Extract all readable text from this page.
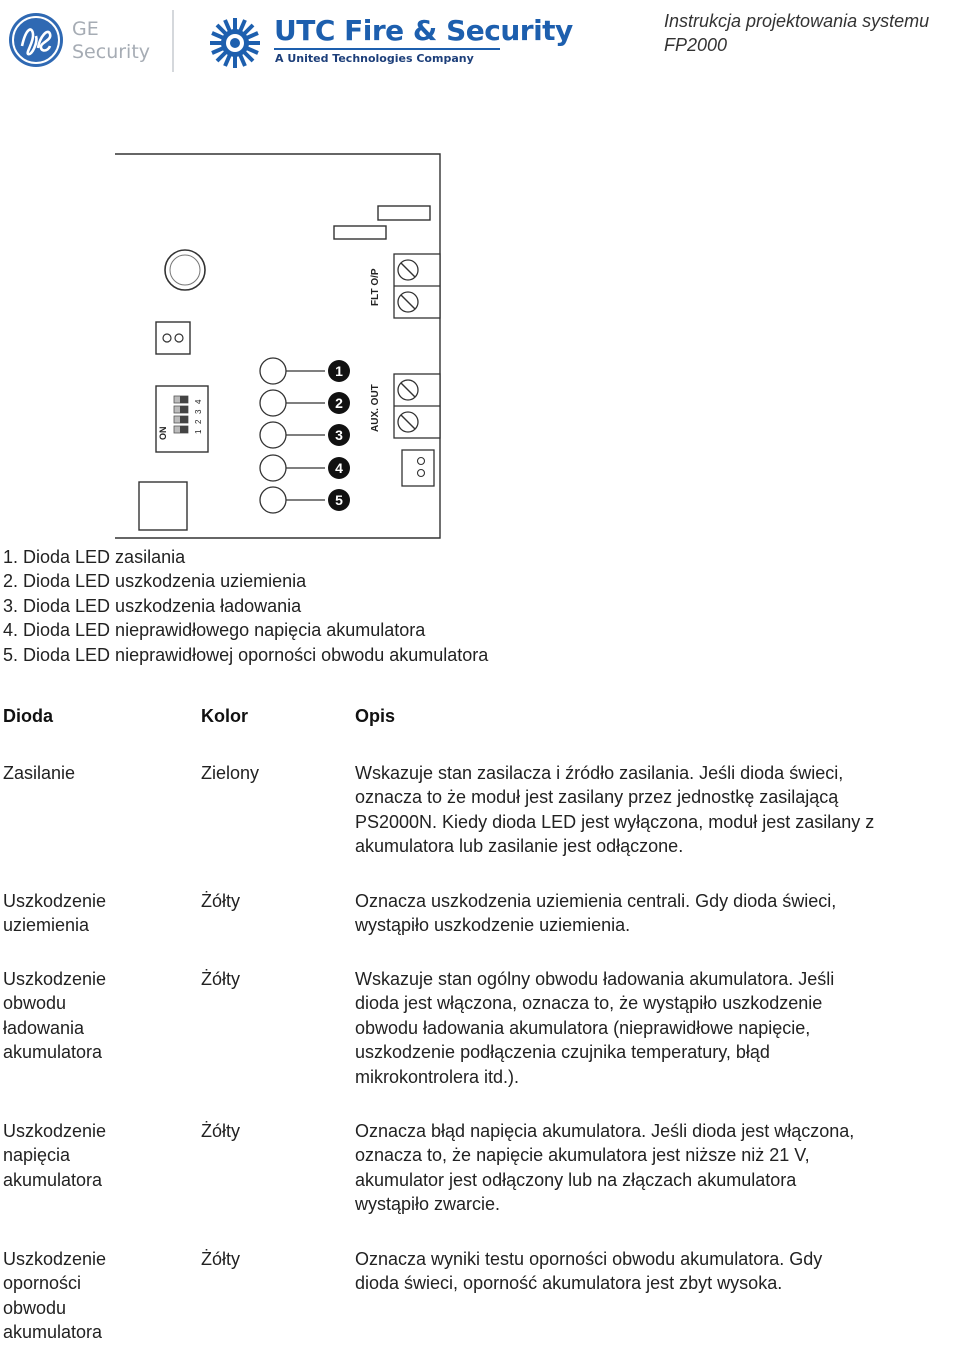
GE
Security
UTC Fire & Security
A United Technologies Company
Instrukcja projektowania systemu
FP2000
ON	1
2
3
4
1
2
3
4
5
FLT O/P
AUX. OUT
1. Dioda LED zasilania
2. Dioda LED uszkodzenia uziemienia
3. Dioda LED uszkodzenia ładowania
4. Dioda LED nieprawidłowego napięcia akumulatora
5. Dioda LED nieprawidłowej oporności obwodu akumulatora
Dioda	Kolor	Opis
Zasilanie	Zielony	Wskazuje stan zasilacza i źródło zasilania. Jeśli dioda świeci,
oznacza to że moduł jest zasilany przez jednostkę zasilającą
PS2000N. Kiedy dioda LED jest wyłączona, moduł jest zasilany z
akumulatora lub zasilanie jest odłączone.
Uszkodzenie
uziemienia
Żółty	Oznacza uszkodzenia uziemienia centrali. Gdy dioda świeci,
wystąpiło uszkodzenie uziemienia.
Uszkodzenie
obwodu
ładowania
akumulatora
Żółty	Wskazuje stan ogólny obwodu ładowania akumulatora. Jeśli
dioda jest włączona, oznacza to, że wystąpiło uszkodzenie
obwodu ładowania akumulatora (nieprawidłowe napięcie,
uszkodzenie podłączenia czujnika temperatury, błąd
mikrokontrolera itd.).
Uszkodzenie
napięcia
akumulatora
Żółty	Oznacza błąd napięcia akumulatora. Jeśli dioda jest włączona,
oznacza to, że napięcie akumulatora jest niższe niż 21 V,
akumulator jest odłączony lub na złączach akumulatora
wystąpiło zwarcie.
Uszkodzenie
oporności
obwodu
akumulatora
Żółty	Oznacza wyniki testu oporności obwodu akumulatora. Gdy
dioda świeci, oporność akumulatora jest zbyt wysoka.
